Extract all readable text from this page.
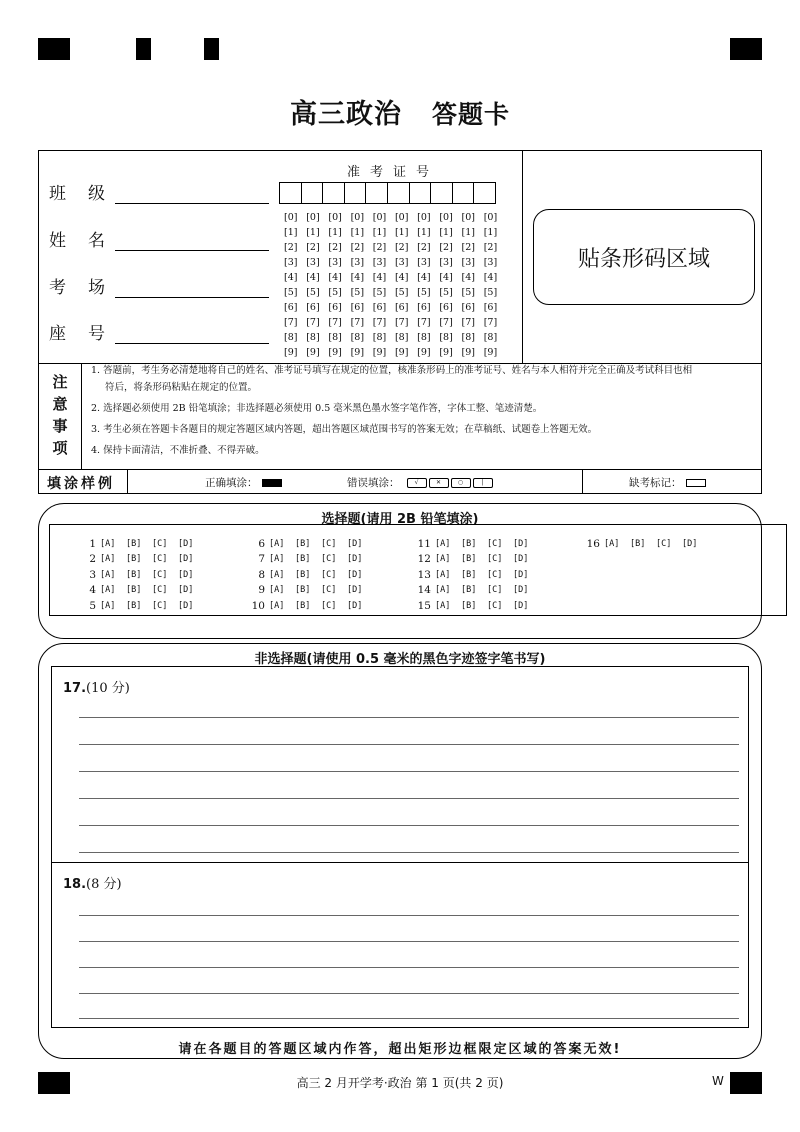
高三政治 答题卡
班 级
姓 名
考 场
座 号
准考证号
[0] [0] [0] [0] [0] [0] [0] [0] [0] [0]
[1] [1] [1] [1] [1] [1] [1] [1] [1] [1]
[2] [2] [2] [2] [2] [2] [2] [2] [2] [2]
[3] [3] [3] [3] [3] [3] [3] [3] [3] [3]
[4] [4] [4] [4] [4] [4] [4] [4] [4] [4]
[5] [5] [5] [5] [5] [5] [5] [5] [5] [5]
[6] [6] [6] [6] [6] [6] [6] [6] [6] [6]
[7] [7] [7] [7] [7] [7] [7] [7] [7] [7]
[8] [8] [8] [8] [8] [8] [8] [8] [8] [8]
[9] [9] [9] [9] [9] [9] [9] [9] [9] [9]
贴条形码区域
注
意
事
项

1. 答题前，考生务必清楚地将自己的姓名、准考证号填写在规定的位置，核准条形码上的准考证号、姓名与本人相符并完全正确及考试科目也相

符后，将条形码粘贴在规定的位置。

2. 选择题必须使用 2B 铅笔填涂；非选择题必须使用 0.5 毫米黑色墨水签字笔作答，字体工整、笔迹清楚。

3. 考生必须在答题卡各题目的规定答题区域内答题，超出答题区域范围书写的答案无效；在草稿纸、试题卷上答题无效。

4. 保持卡面清洁，不准折叠、不得弄破。

填涂样例	正确填涂：	错误填涂：	√	✕	○	|	缺考标记：
选择题(请用 2B 铅笔填涂)
1 [A]	[B]	[C]	[D]
2 [A]	[B]	[C]	[D]
3 [A]	[B]	[C]	[D]
4 [A]	[B]	[C]	[D]
5 [A]	[B]	[C]	[D]
6 [A]	[B]	[C]	[D]
7 [A]	[B]	[C]	[D]
8 [A]	[B]	[C]	[D]
9 [A]	[B]	[C]	[D]
10 [A]	[B]	[C]	[D]
11 [A]	[B]	[C]	[D]
12 [A]	[B]	[C]	[D]
13 [A]	[B]	[C]	[D]
14 [A]	[B]	[C]	[D]
15 [A]	[B]	[C]	[D]
16 [A]	[B]	[C]	[D]
非选择题(请使用 0.5 毫米的黑色字迹签字笔书写)
17.(10 分)
18.(8 分)
请在各题目的答题区域内作答，超出矩形边框限定区域的答案无效!
高三 2 月开学考·政治 第 1 页(共 2 页)	W
